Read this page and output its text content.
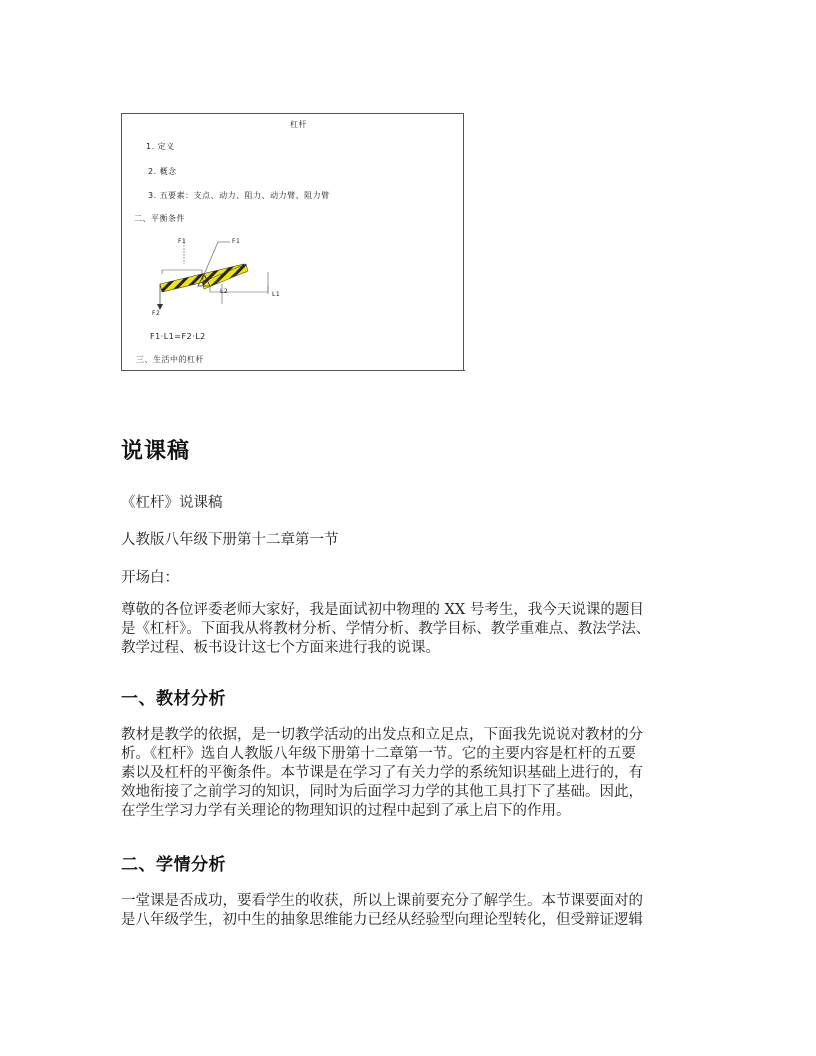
杠杆
1. 定义
2. 概念
3. 五要素：支点、动力、阻力、动力臂、阻力臂
二、平衡条件
F1	F1
F2
L2	L1
O
F1·L1=F2·L2
三、生活中的杠杆
说课稿

《杠杆》说课稿

人教版八年级下册第十二章第一节

开场白：

尊敬的各位评委老师大家好，我是面试初中物理的 XX 号考生，我今天说课的题目
是《杠杆》。下面我从将教材分析、学情分析、教学目标、教学重难点、教法学法、
教学过程、板书设计这七个方面来进行我的说课。
一、教材分析
教材是教学的依据，是一切教学活动的出发点和立足点，下面我先说说对教材的分
析。《杠杆》选自人教版八年级下册第十二章第一节。它的主要内容是杠杆的五要
素以及杠杆的平衡条件。本节课是在学习了有关力学的系统知识基础上进行的，有
效地衔接了之前学习的知识，同时为后面学习力学的其他工具打下了基础。因此，
在学生学习力学有关理论的物理知识的过程中起到了承上启下的作用。
二、学情分析
一堂课是否成功，要看学生的收获，所以上课前要充分了解学生。本节课要面对的
是八年级学生，初中生的抽象思维能力已经从经验型向理论型转化，但受辩证逻辑
